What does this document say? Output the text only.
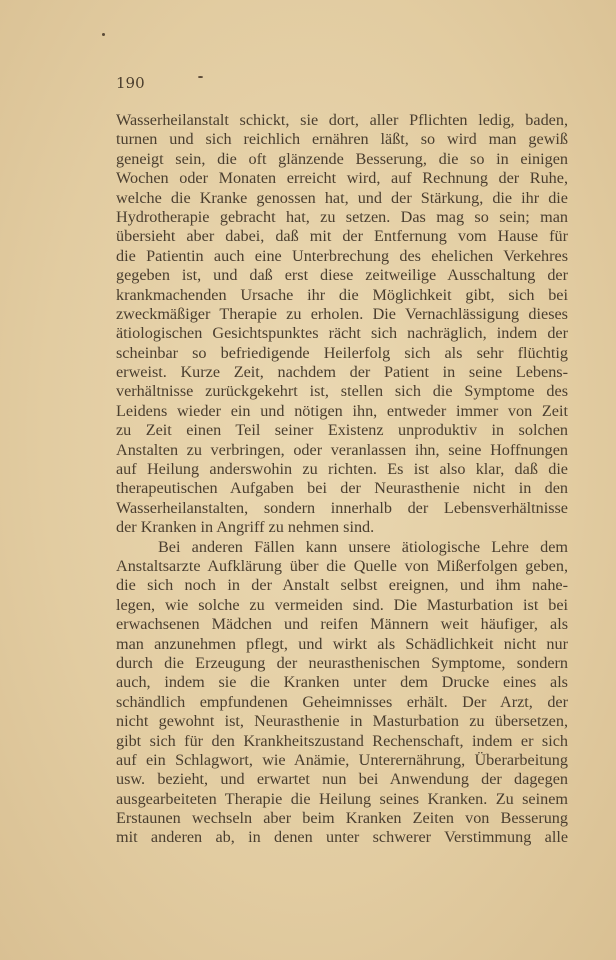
190
Wasserheilanstalt schickt, sie dort, aller Pflichten ledig, baden,
turnen und sich reichlich ernähren läßt, so wird man gewiß
geneigt sein, die oft glänzende Besserung, die so in einigen
Wochen oder Monaten erreicht wird, auf Rechnung der Ruhe,
welche die Kranke genossen hat, und der Stärkung, die ihr die
Hydrotherapie gebracht hat, zu setzen. Das mag so sein; man
übersieht aber dabei, daß mit der Entfernung vom Hause für
die Patientin auch eine Unterbrechung des ehelichen Verkehres
gegeben ist, und daß erst diese zeitweilige Ausschaltung der
krankmachenden Ursache ihr die Möglichkeit gibt, sich bei
zweckmäßiger Therapie zu erholen. Die Vernachlässigung dieses
ätiologischen Gesichtspunktes rächt sich nachräglich, indem der
scheinbar so befriedigende Heilerfolg sich als sehr flüchtig
erweist. Kurze Zeit, nachdem der Patient in seine Lebens-
verhältnisse zurückgekehrt ist, stellen sich die Symptome des
Leidens wieder ein und nötigen ihn, entweder immer von Zeit
zu Zeit einen Teil seiner Existenz unproduktiv in solchen
Anstalten zu verbringen, oder veranlassen ihn, seine Hoffnungen
auf Heilung anderswohin zu richten. Es ist also klar, daß die
therapeutischen Aufgaben bei der Neurasthenie nicht in den
Wasserheilanstalten, sondern innerhalb der Lebensverhältnisse
der Kranken in Angriff zu nehmen sind.
Bei anderen Fällen kann unsere ätiologische Lehre dem
Anstaltsarzte Aufklärung über die Quelle von Mißerfolgen geben,
die sich noch in der Anstalt selbst ereignen, und ihm nahe-
legen, wie solche zu vermeiden sind. Die Masturbation ist bei
erwachsenen Mädchen und reifen Männern weit häufiger, als
man anzunehmen pflegt, und wirkt als Schädlichkeit nicht nur
durch die Erzeugung der neurasthenischen Symptome, sondern
auch, indem sie die Kranken unter dem Drucke eines als
schändlich empfundenen Geheimnisses erhält. Der Arzt, der
nicht gewohnt ist, Neurasthenie in Masturbation zu übersetzen,
gibt sich für den Krankheitszustand Rechenschaft, indem er sich
auf ein Schlagwort, wie Anämie, Unterernährung, Überarbeitung
usw. bezieht, und erwartet nun bei Anwendung der dagegen
ausgearbeiteten Therapie die Heilung seines Kranken. Zu seinem
Erstaunen wechseln aber beim Kranken Zeiten von Besserung
mit anderen ab, in denen unter schwerer Verstimmung alle
